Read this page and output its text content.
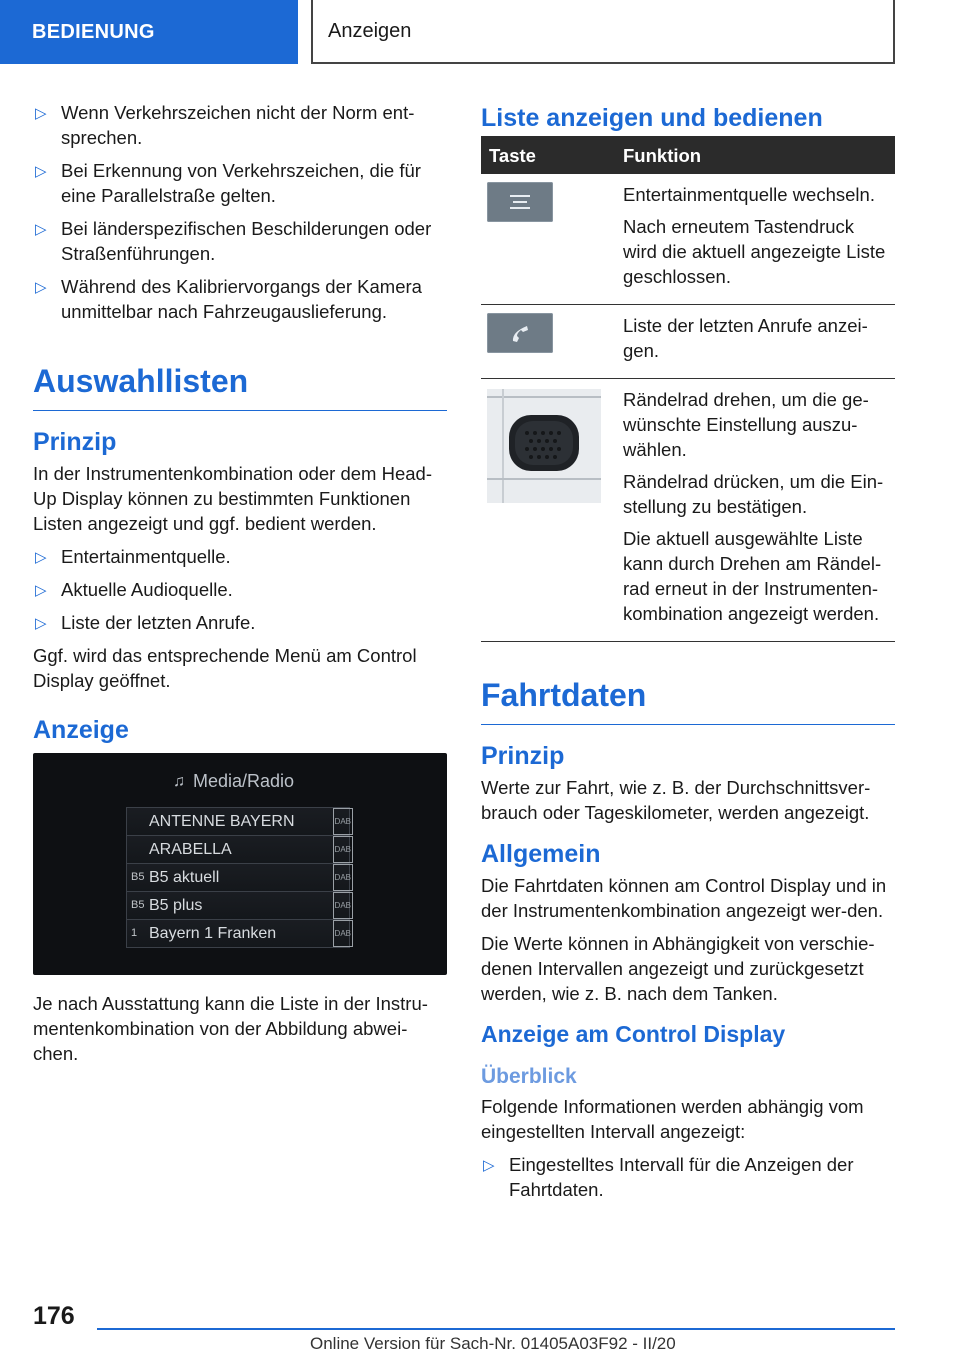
BEDIENUNG	Anzeigen
▷ Wenn Verkehrszeichen nicht der Norm ent-sprechen.
▷ Bei Erkennung von Verkehrszeichen, die für eine Parallelstraße gelten.
▷ Bei länderspezifischen Beschilderungen oder Straßenführungen.
▷ Während des Kalibriervorgangs der Kamera unmittelbar nach Fahrzeugauslieferung.
Auswahllisten
Prinzip

In der Instrumentenkombination oder dem Head-Up Display können zu bestimmten Funktionen Listen angezeigt und ggf. bedient werden.

▷ Entertainmentquelle.
▷ Aktuelle Audioquelle.
▷ Liste der letzten Anrufe.

Ggf. wird das entsprechende Menü am Control Display geöffnet.

Anzeige
♫ Media/Radio
ANTENNE BAYERN	DAB
ARABELLA	DAB
B5 B5 aktuell	DAB
B5 B5 plus	DAB
1 Bayern 1 Franken	DAB

Je nach Ausstattung kann die Liste in der Instru-mentenkombination von der Abbildung abwei-chen.

Liste anzeigen und bedienen
Taste	Funktion

Entertainmentquelle wechseln.

Nach erneutem Tastendruck wird die aktuell angezeigte Liste geschlossen.

Liste der letzten Anrufe anzei-gen.

Rändelrad drehen, um die ge-wünschte Einstellung auszu-wählen.

Rändelrad drücken, um die Ein-stellung zu bestätigen.

Die aktuell ausgewählte Liste kann durch Drehen am Rändel-rad erneut in der Instrumenten-kombination angezeigt werden.

Fahrtdaten
Prinzip

Werte zur Fahrt, wie z. B. der Durchschnittsver-brauch oder Tageskilometer, werden angezeigt.

Allgemein

Die Fahrtdaten können am Control Display und in der Instrumentenkombination angezeigt wer-den.

Die Werte können in Abhängigkeit von verschie-denen Intervallen angezeigt und zurückgesetzt werden, wie z. B. nach dem Tanken.

Anzeige am Control Display
Überblick

Folgende Informationen werden abhängig vom eingestellten Intervall angezeigt:

▷ Eingestelltes Intervall für die Anzeigen der Fahrtdaten.
176
Online Version für Sach-Nr. 01405A03F92 - II/20
